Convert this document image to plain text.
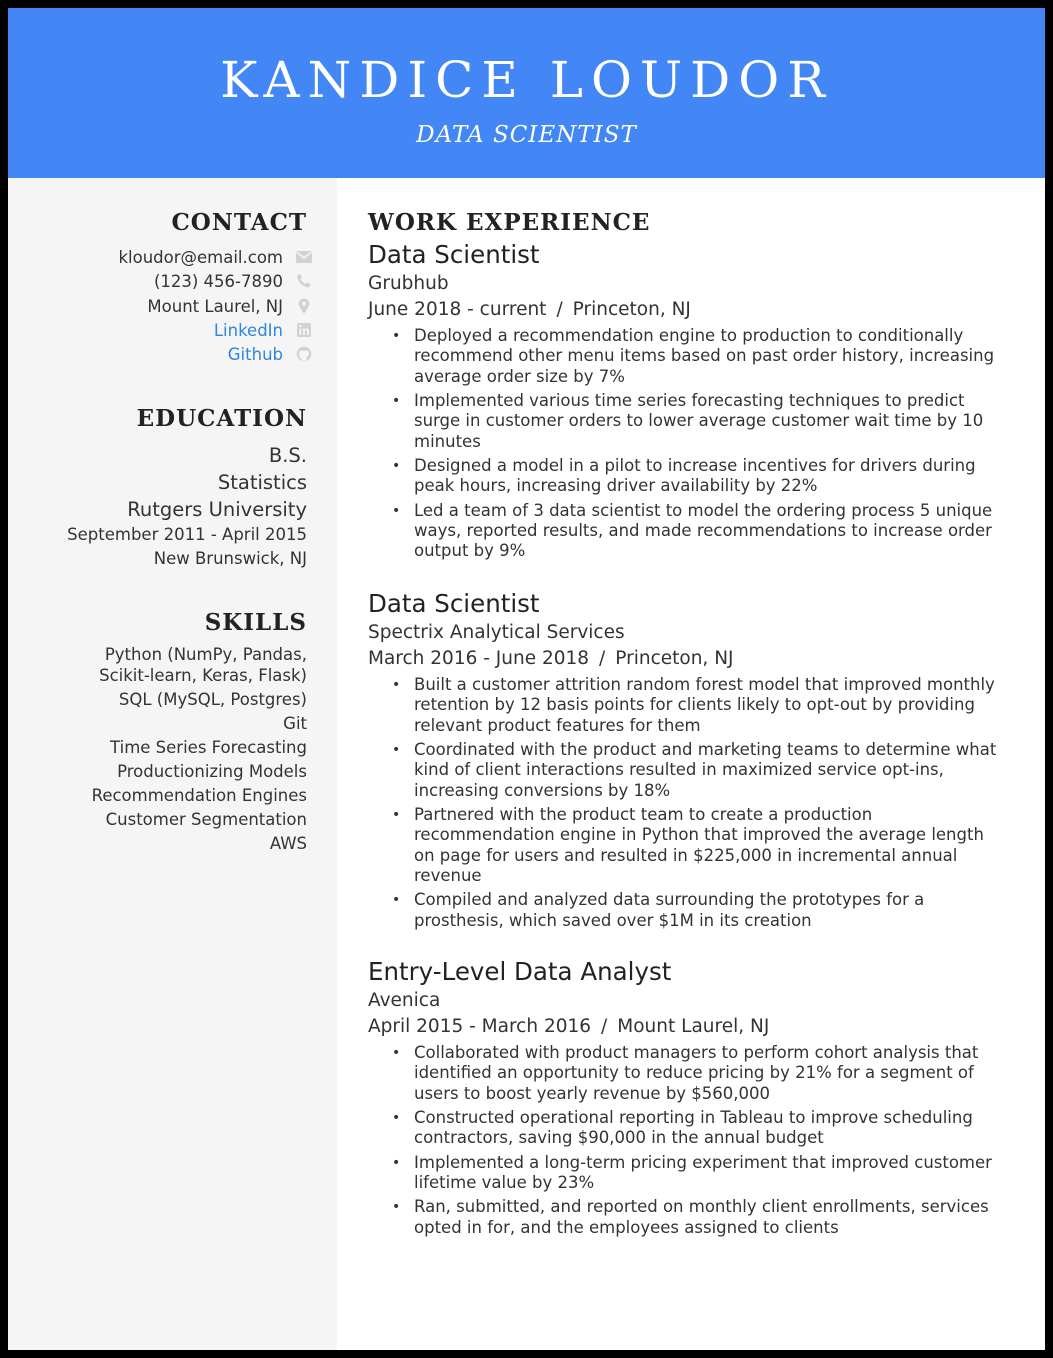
KANDICE LOUDOR
DATA SCIENTIST
CONTACT
kloudor@email.com
(123) 456-7890
Mount Laurel, NJ
LinkedIn
Github
EDUCATION
B.S.
Statistics
Rutgers University
September 2011 - April 2015
New Brunswick, NJ
SKILLS
Python (NumPy, Pandas,
Scikit-learn, Keras, Flask)
SQL (MySQL, Postgres)
Git
Time Series Forecasting
Productionizing Models
Recommendation Engines
Customer Segmentation
AWS
WORK EXPERIENCE
Data Scientist
Grubhub
June 2018 - current / Princeton, NJ
• Deployed a recommendation engine to production to conditionally recommend other menu items based on past order history, increasing average order size by 7%
• Implemented various time series forecasting techniques to predict surge in customer orders to lower average customer wait time by 10 minutes
• Designed a model in a pilot to increase incentives for drivers during peak hours, increasing driver availability by 22%
• Led a team of 3 data scientist to model the ordering process 5 unique ways, reported results, and made recommendations to increase order output by 9%
Data Scientist
Spectrix Analytical Services
March 2016 - June 2018 / Princeton, NJ
• Built a customer attrition random forest model that improved monthly retention by 12 basis points for clients likely to opt-out by providing relevant product features for them
• Coordinated with the product and marketing teams to determine what kind of client interactions resulted in maximized service opt-ins, increasing conversions by 18%
• Partnered with the product team to create a production recommendation engine in Python that improved the average length on page for users and resulted in $225,000 in incremental annual revenue
• Compiled and analyzed data surrounding the prototypes for a prosthesis, which saved over $1M in its creation
Entry-Level Data Analyst
Avenica
April 2015 - March 2016 / Mount Laurel, NJ
• Collaborated with product managers to perform cohort analysis that identified an opportunity to reduce pricing by 21% for a segment of users to boost yearly revenue by $560,000
• Constructed operational reporting in Tableau to improve scheduling contractors, saving $90,000 in the annual budget
• Implemented a long-term pricing experiment that improved customer lifetime value by 23%
• Ran, submitted, and reported on monthly client enrollments, services opted in for, and the employees assigned to clients
